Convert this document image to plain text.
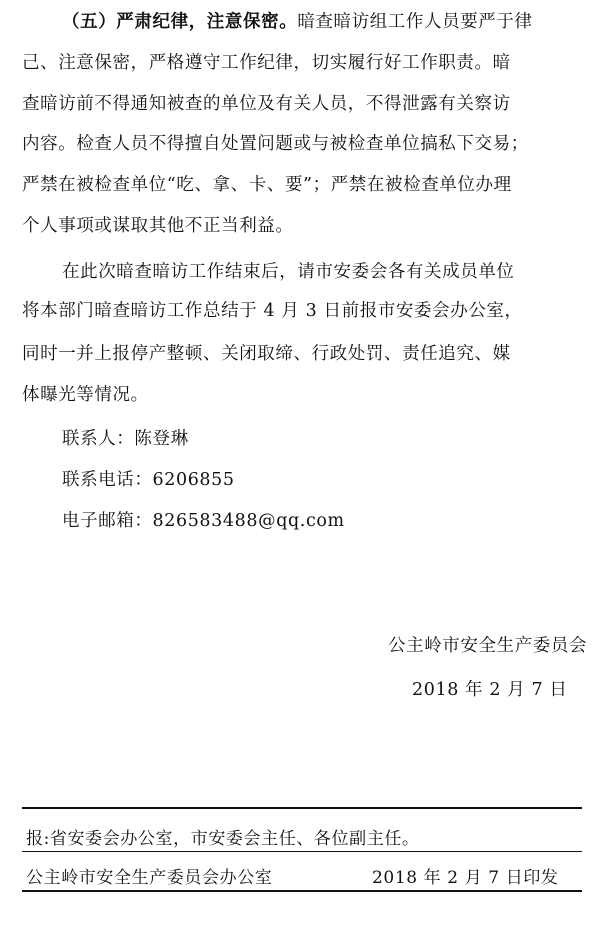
（五）严肃纪律，注意保密。暗查暗访组工作人员要严于律
己、注意保密，严格遵守工作纪律，切实履行好工作职责。暗
查暗访前不得通知被查的单位及有关人员，不得泄露有关察访
内容。检查人员不得擅自处置问题或与被检查单位搞私下交易；
严禁在被检查单位“吃、拿、卡、要”；严禁在被检查单位办理
个人事项或谋取其他不正当利益。
在此次暗查暗访工作结束后，请市安委会各有关成员单位
将本部门暗查暗访工作总结于 4 月 3 日前报市安委会办公室，
同时一并上报停产整顿、关闭取缔、行政处罚、责任追究、媒
体曝光等情况。
联系人：陈登琳
联系电话：6206855
电子邮箱：826583488@qq.com
公主岭市安全生产委员会
2018 年 2 月 7 日
报:省安委会办公室，市安委会主任、各位副主任。
公主岭市安全生产委员会办公室	2018 年 2 月 7 日印发
